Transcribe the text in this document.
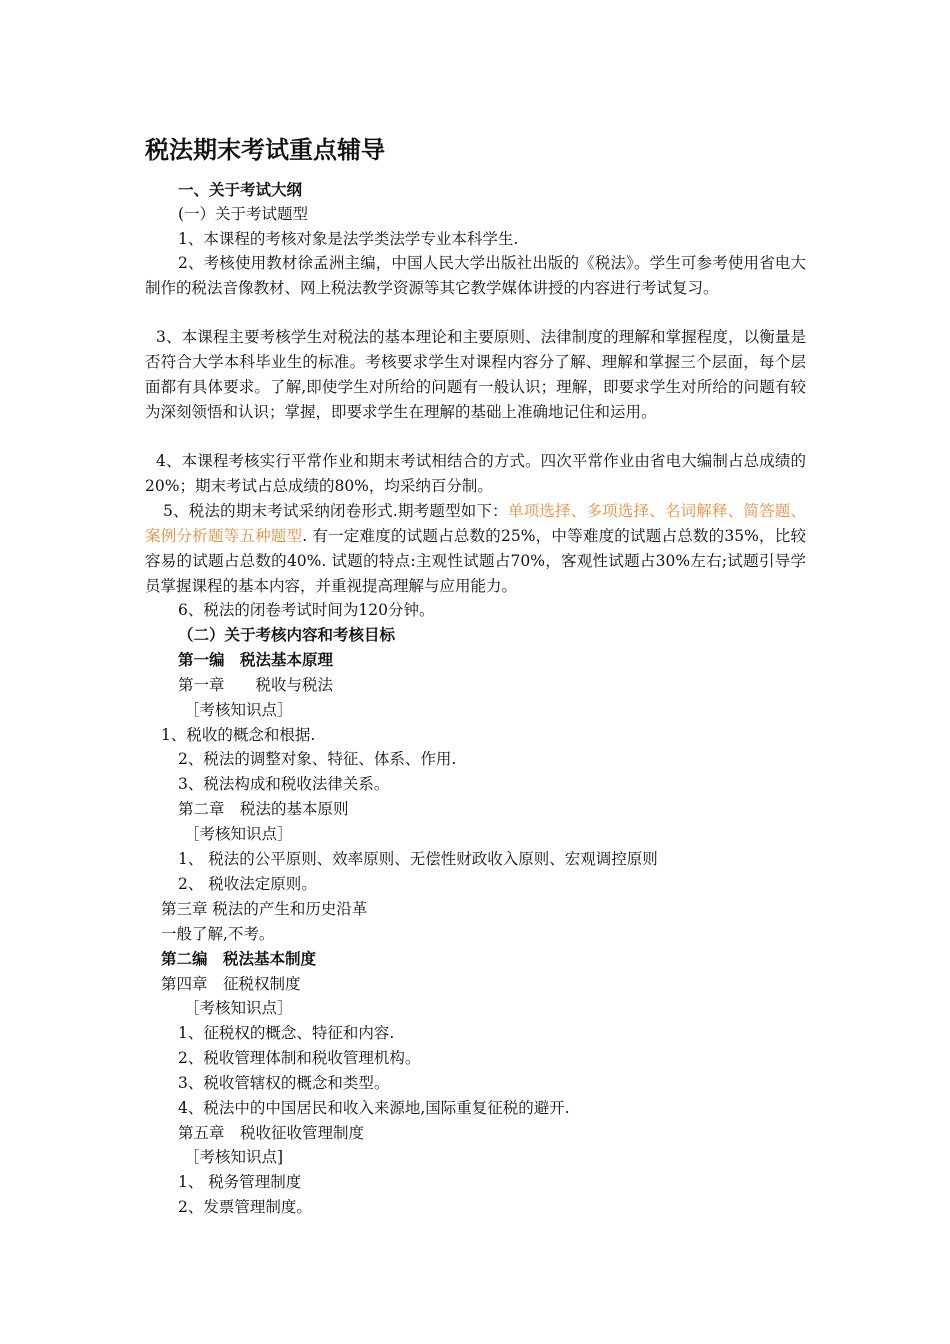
税法期末考试重点辅导
一、关于考试大纲
(一）关于考试题型
1、本课程的考核对象是法学类法学专业本科学生.
2、考核使用教材徐孟洲主编，中国人民大学出版社出版的《税法》。学生可参考使用省电大制作的税法音像教材、网上税法教学资源等其它教学媒体讲授的内容进行考试复习。
3、本课程主要考核学生对税法的基本理论和主要原则、法律制度的理解和掌握程度，以衡量是否符合大学本科毕业生的标准。考核要求学生对课程内容分了解、理解和掌握三个层面，每个层面都有具体要求。了解,即使学生对所给的问题有一般认识；理解，即要求学生对所给的问题有较为深刻领悟和认识；掌握，即要求学生在理解的基础上准确地记住和运用。
4、本课程考核实行平常作业和期末考试相结合的方式。四次平常作业由省电大编制占总成绩的20%；期末考试占总成绩的80%，均采纳百分制。
5、税法的期末考试采纳闭卷形式.期考题型如下：单项选择、多项选择、名词解释、简答题、案例分析题等五种题型. 有一定难度的试题占总数的25%，中等难度的试题占总数的35%，比较容易的试题占总数的40%. 试题的特点:主观性试题占70%，客观性试题占30%左右;试题引导学员掌握课程的基本内容，并重视提高理解与应用能力。
6、税法的闭卷考试时间为120分钟。
（二）关于考核内容和考核目标
第一编　税法基本原理
第一章　　税收与税法
［考核知识点］
1、税收的概念和根据.
2、税法的调整对象、特征、体系、作用.
3、税法构成和税收法律关系。
第二章　税法的基本原则
［考核知识点］
1、 税法的公平原则、效率原则、无偿性财政收入原则、宏观调控原则
2、 税收法定原则。
第三章 税法的产生和历史沿革
一般了解,不考。
第二编　税法基本制度
第四章　征税权制度
［考核知识点］
1、征税权的概念、特征和内容.
2、税收管理体制和税收管理机构。
3、税收管辖权的概念和类型。
4、税法中的中国居民和收入来源地,国际重复征税的避开.
第五章　税收征收管理制度
［考核知识点]
1、 税务管理制度
2、发票管理制度。
